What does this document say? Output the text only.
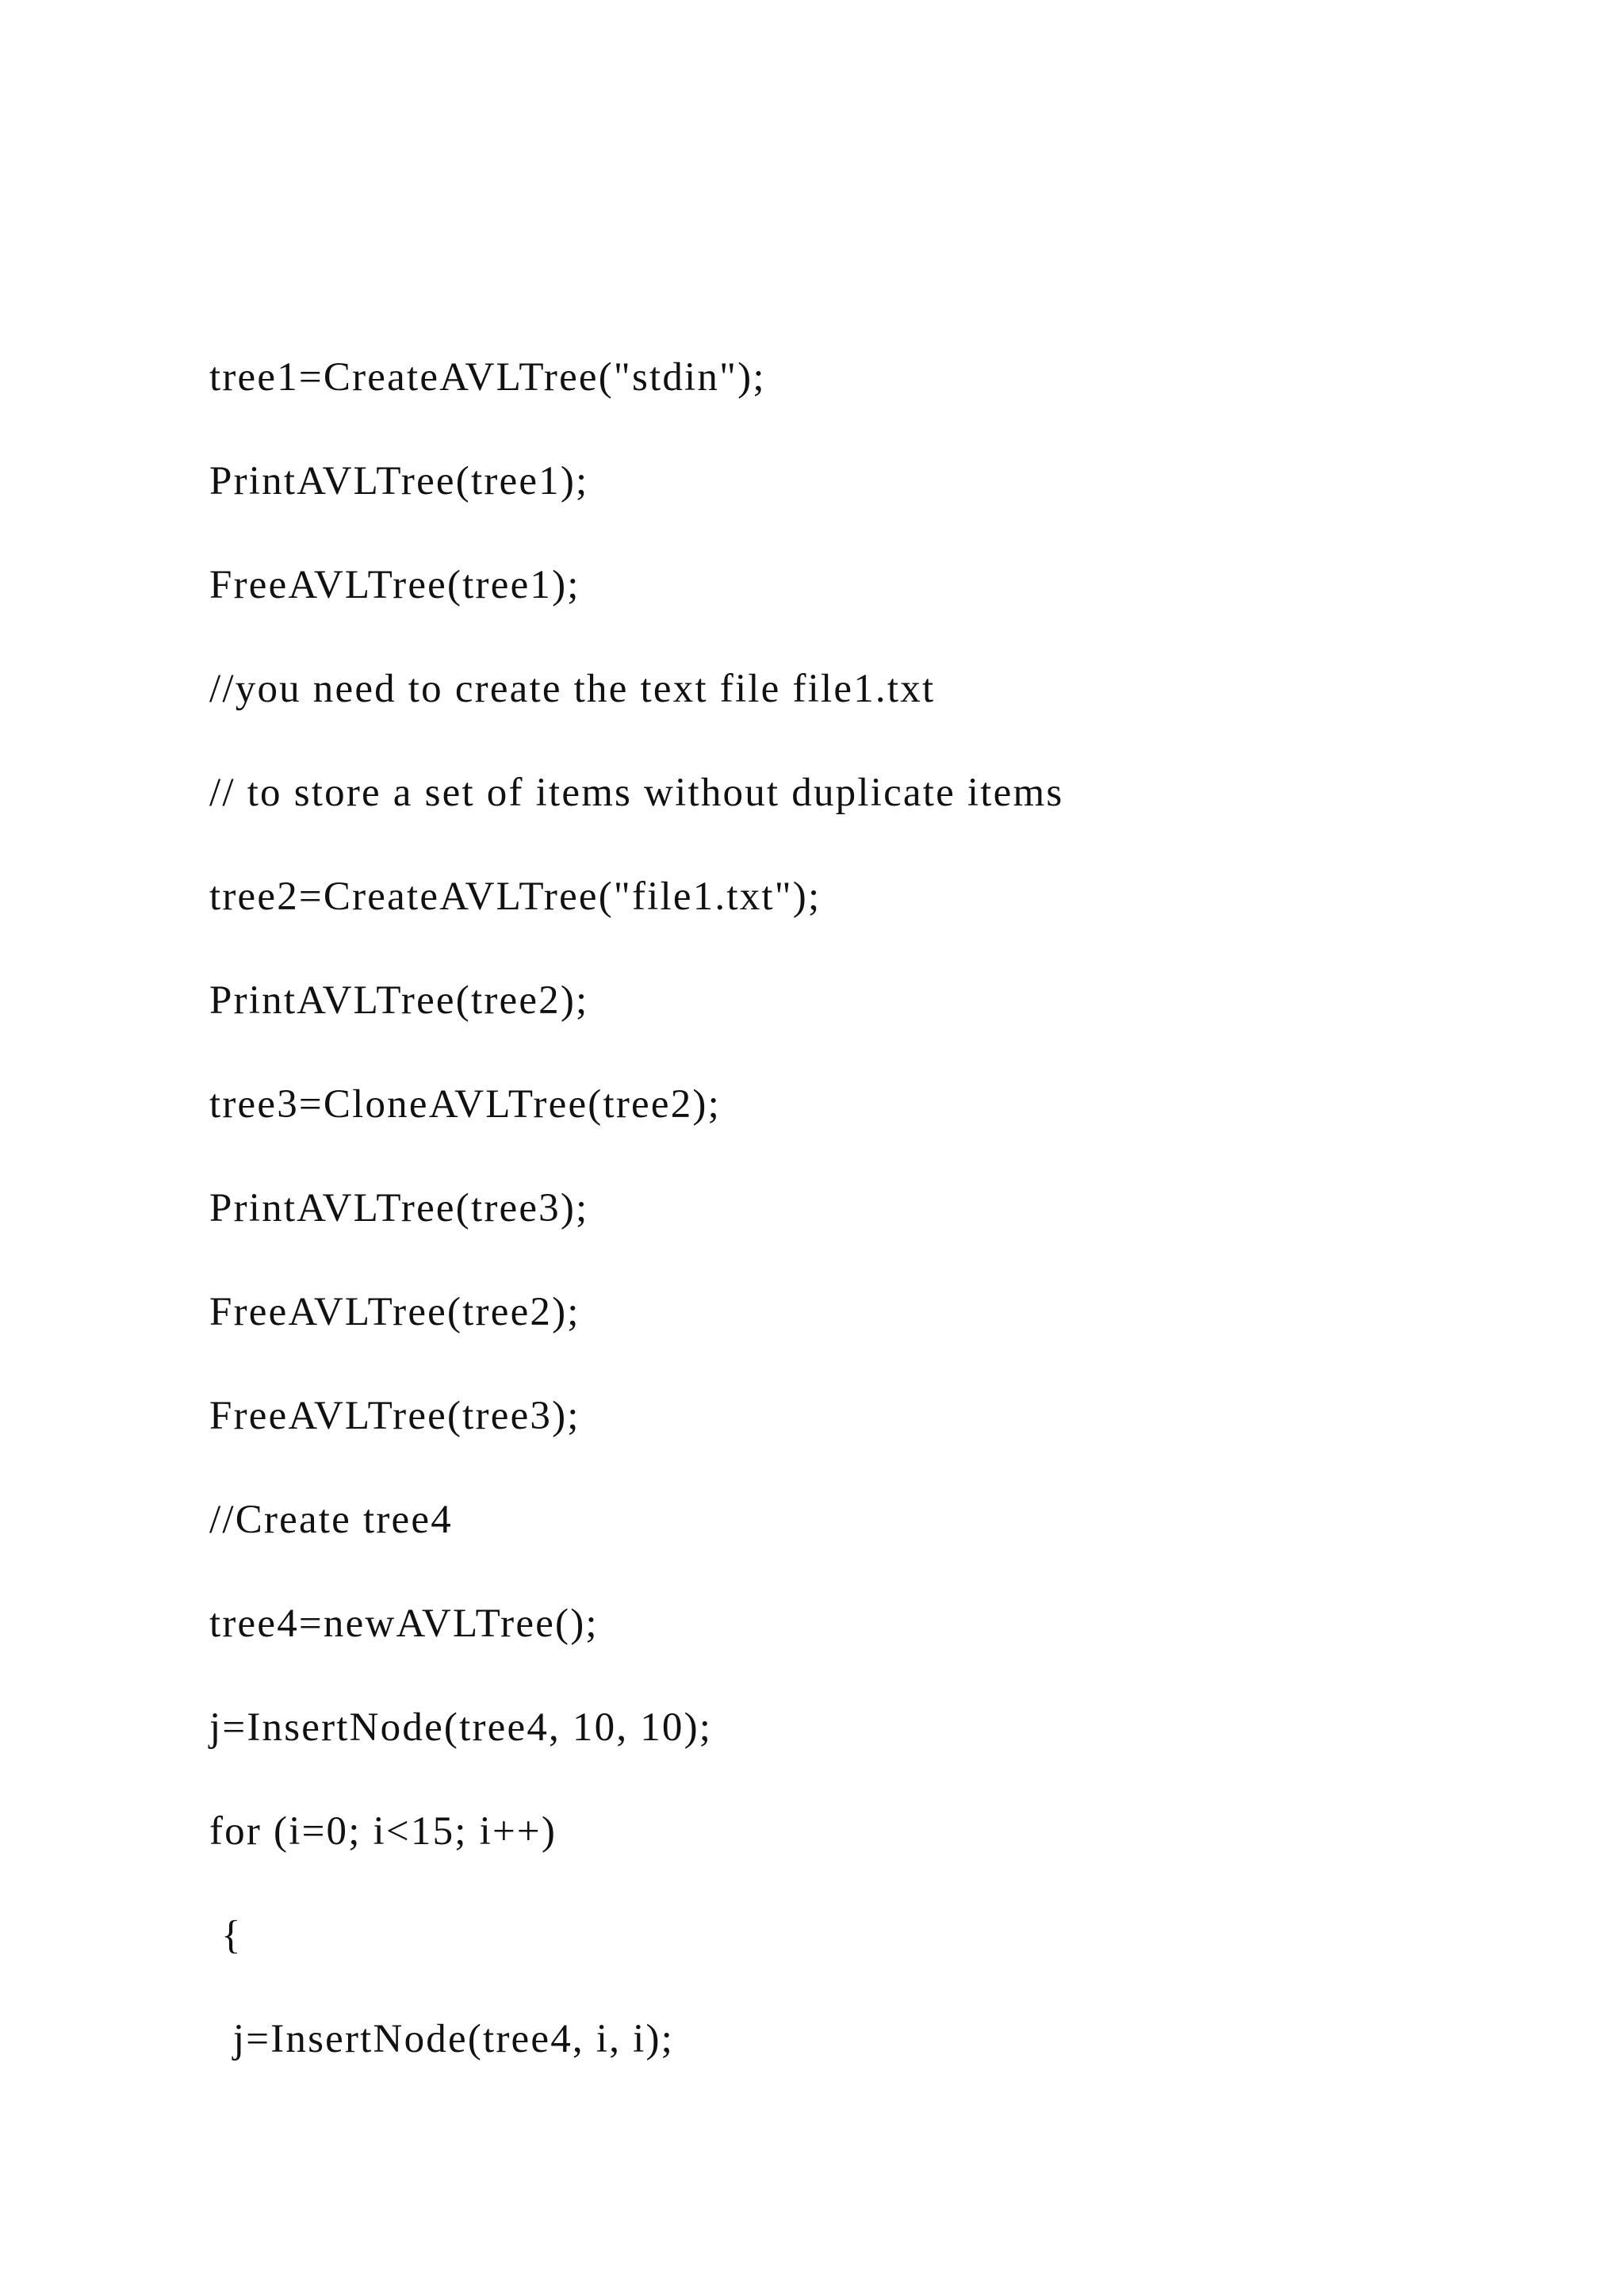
tree1=CreateAVLTree("stdin");
PrintAVLTree(tree1);
FreeAVLTree(tree1);
//you need to create the text file file1.txt
// to store a set of items without duplicate items
tree2=CreateAVLTree("file1.txt");
PrintAVLTree(tree2);
tree3=CloneAVLTree(tree2);
PrintAVLTree(tree3);
FreeAVLTree(tree2);
FreeAVLTree(tree3);
//Create tree4
tree4=newAVLTree();
j=InsertNode(tree4, 10, 10);
for (i=0; i<15; i++)
{
j=InsertNode(tree4, i, i);
